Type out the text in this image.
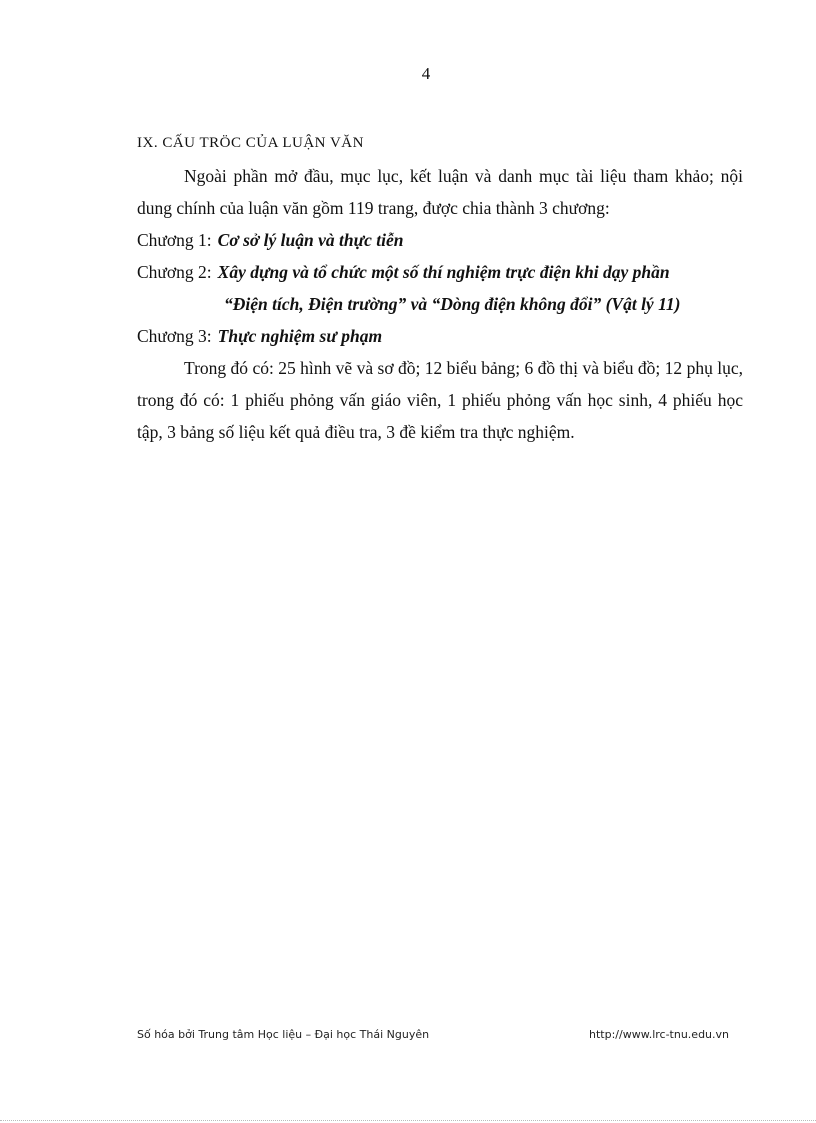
4
IX. CẤU TRÖC CỦA LUẬN VĂN

Ngoài phần mở đầu, mục lục, kết luận và danh mục tài liệu tham khảo; nội dung chính của luận văn gồm 119 trang, được chia thành 3 chương:

Chương 1: Cơ sở lý luận và thực tiễn
Chương 2: Xây dựng và tổ chức một số thí nghiệm trực điện khi dạy phần
“Điện tích, Điện trường” và “Dòng điện không đổi” (Vật lý 11)
Chương 3: Thực nghiệm sư phạm

Trong đó có: 25 hình vẽ và sơ đồ; 12 biểu bảng; 6 đồ thị và biểu đồ; 12 phụ lục, trong đó có: 1 phiếu phỏng vấn giáo viên, 1 phiếu phỏng vấn học sinh, 4 phiếu học tập, 3 bảng số liệu kết quả điều tra, 3 đề kiểm tra thực nghiệm.

Số hóa bởi Trung tâm Học liệu – Đại học Thái Nguyên	http://www.lrc-tnu.edu.vn
